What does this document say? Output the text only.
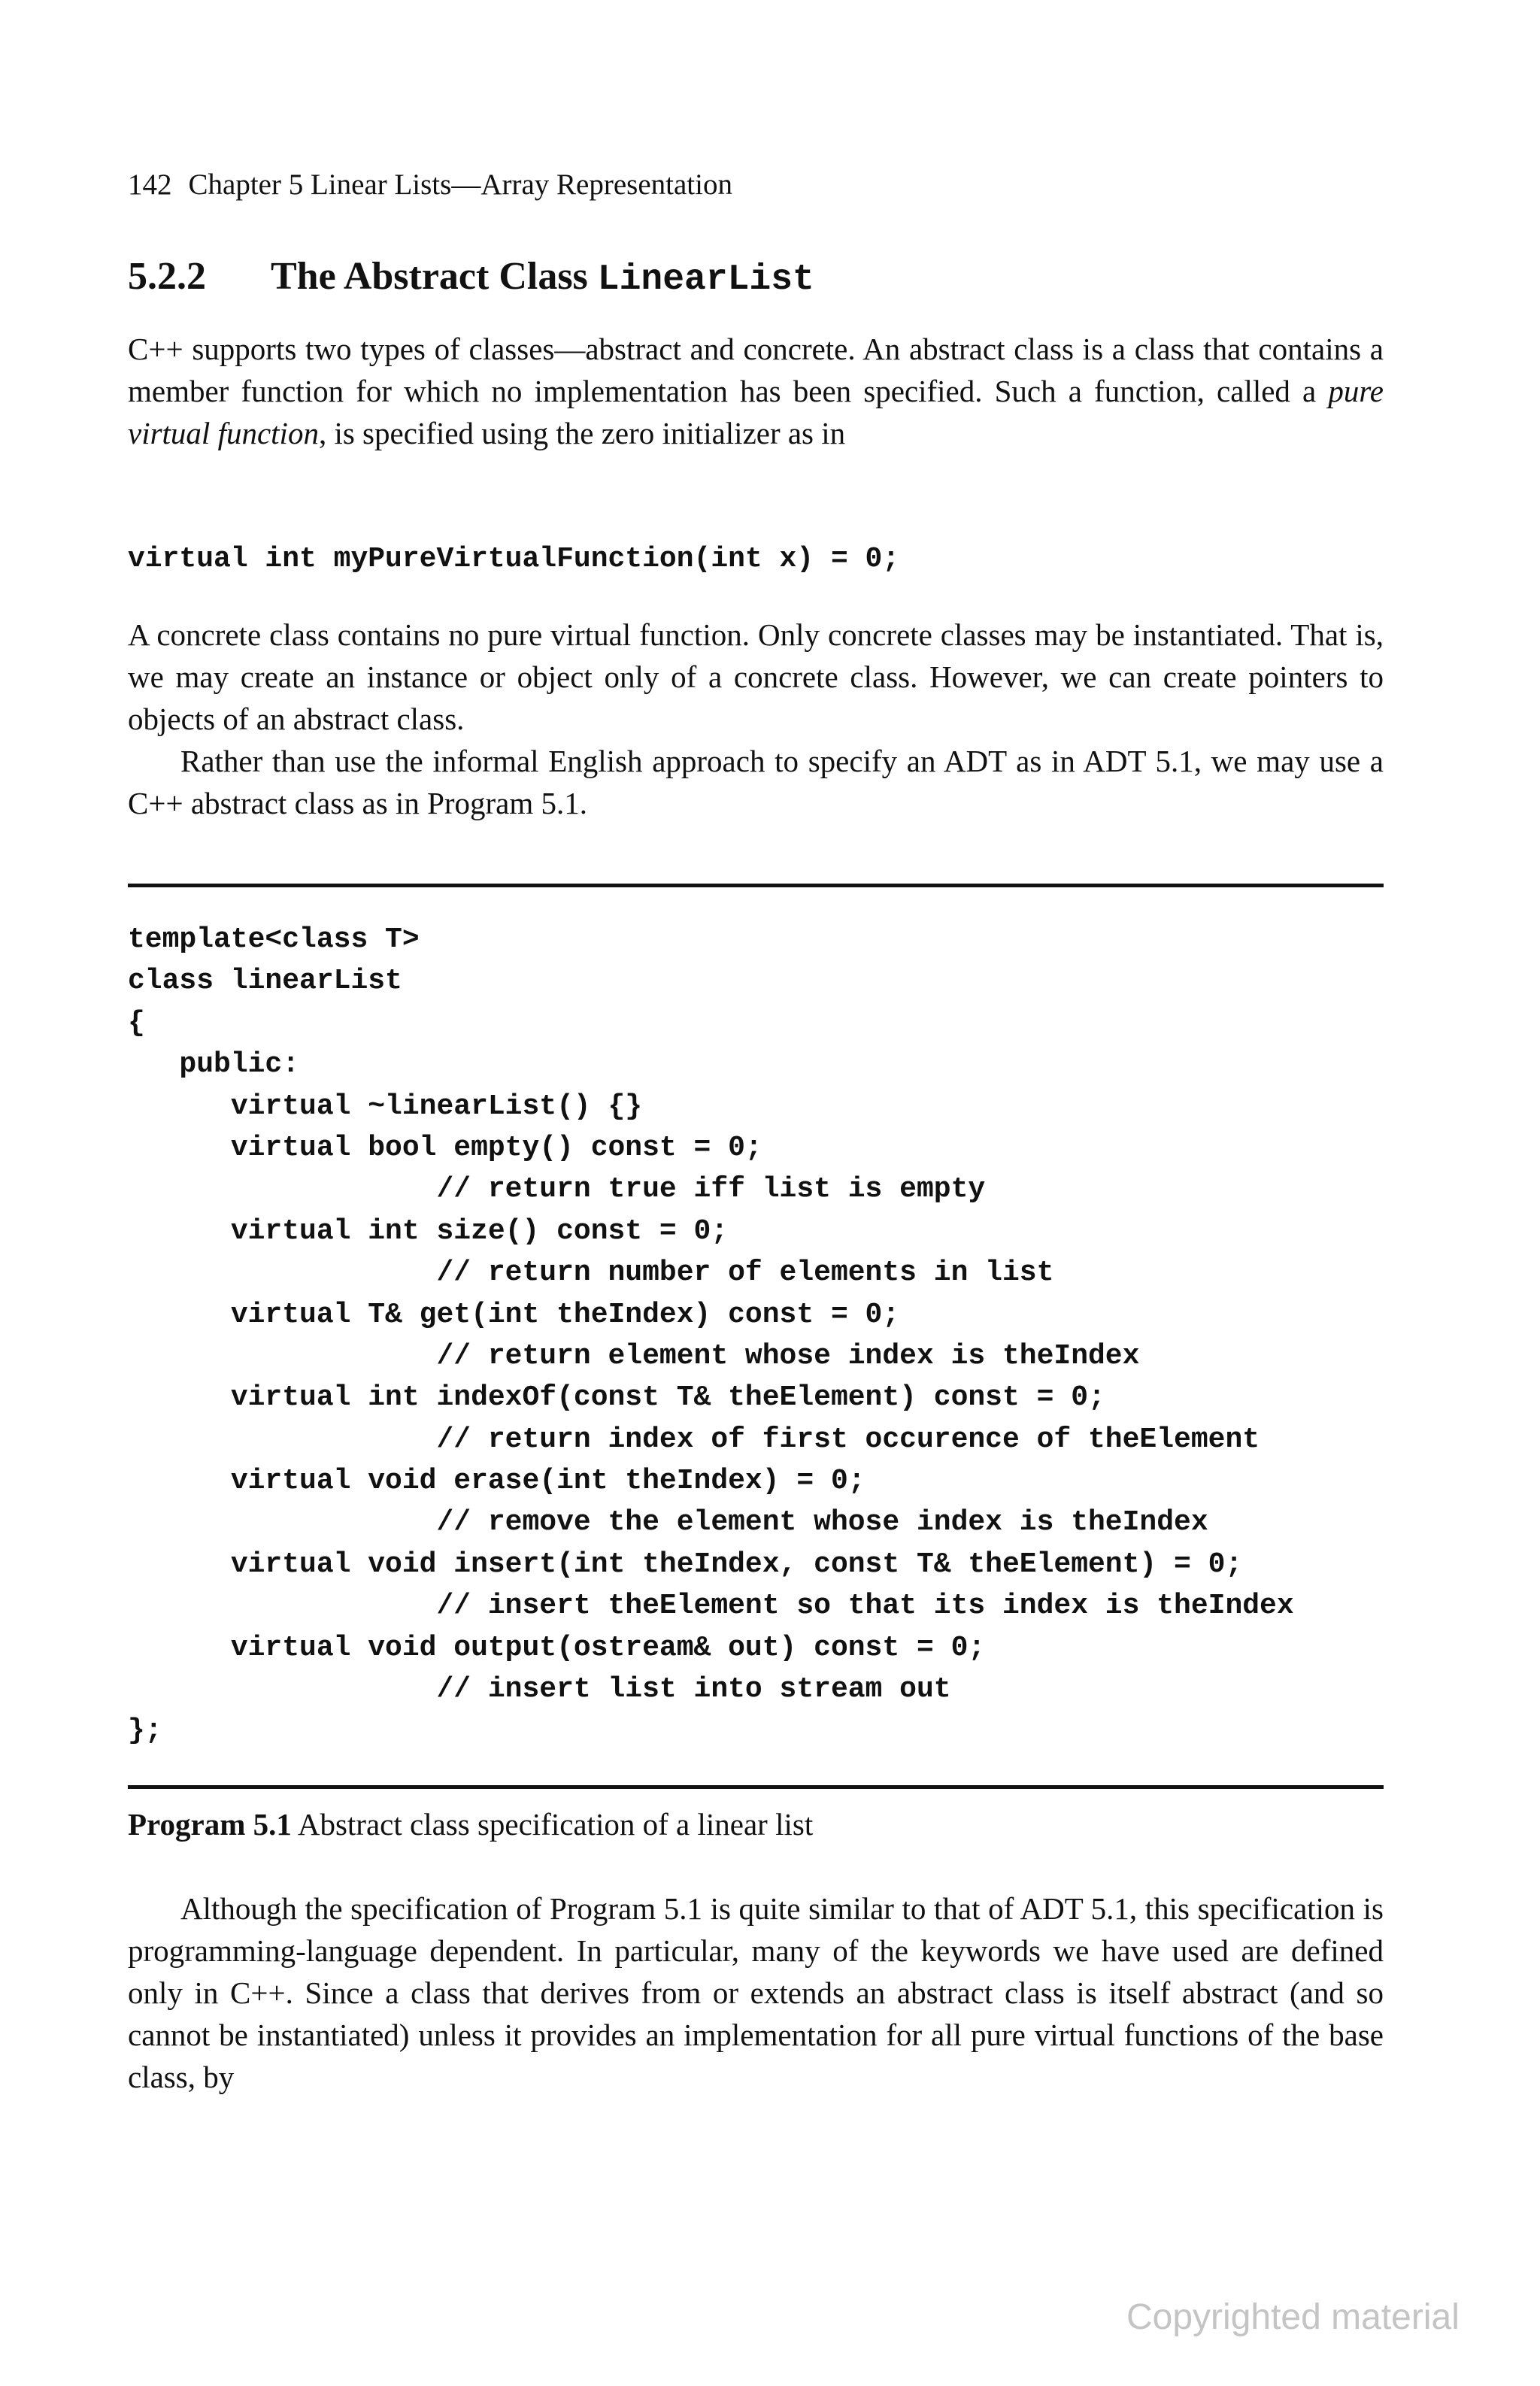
142 Chapter 5 Linear Lists—Array Representation
5.2.2 The Abstract Class LinearList

C++ supports two types of classes—abstract and concrete. An abstract class is a class that contains a member function for which no implementation has been specified. Such a function, called a pure virtual function, is specified using the zero initializer as in

virtual int myPureVirtualFunction(int x) = 0;

A concrete class contains no pure virtual function. Only concrete classes may be instantiated. That is, we may create an instance or object only of a concrete class. However, we can create pointers to objects of an abstract class.

Rather than use the informal English approach to specify an ADT as in ADT 5.1, we may use a C++ abstract class as in Program 5.1.

template<class T>
class linearList
{
public:
virtual ~linearList() {}
virtual bool empty() const = 0;
// return true iff list is empty
virtual int size() const = 0;
// return number of elements in list
virtual T& get(int theIndex) const = 0;
// return element whose index is theIndex
virtual int indexOf(const T& theElement) const = 0;
// return index of first occurence of theElement
virtual void erase(int theIndex) = 0;
// remove the element whose index is theIndex
virtual void insert(int theIndex, const T& theElement) = 0;
// insert theElement so that its index is theIndex
virtual void output(ostream& out) const = 0;
// insert list into stream out
};
Program 5.1 Abstract class specification of a linear list

Although the specification of Program 5.1 is quite similar to that of ADT 5.1, this specification is programming-language dependent. In particular, many of the keywords we have used are defined only in C++. Since a class that derives from or extends an abstract class is itself abstract (and so cannot be instantiated) unless it provides an implementation for all pure virtual functions of the base class, by

Copyrighted material
